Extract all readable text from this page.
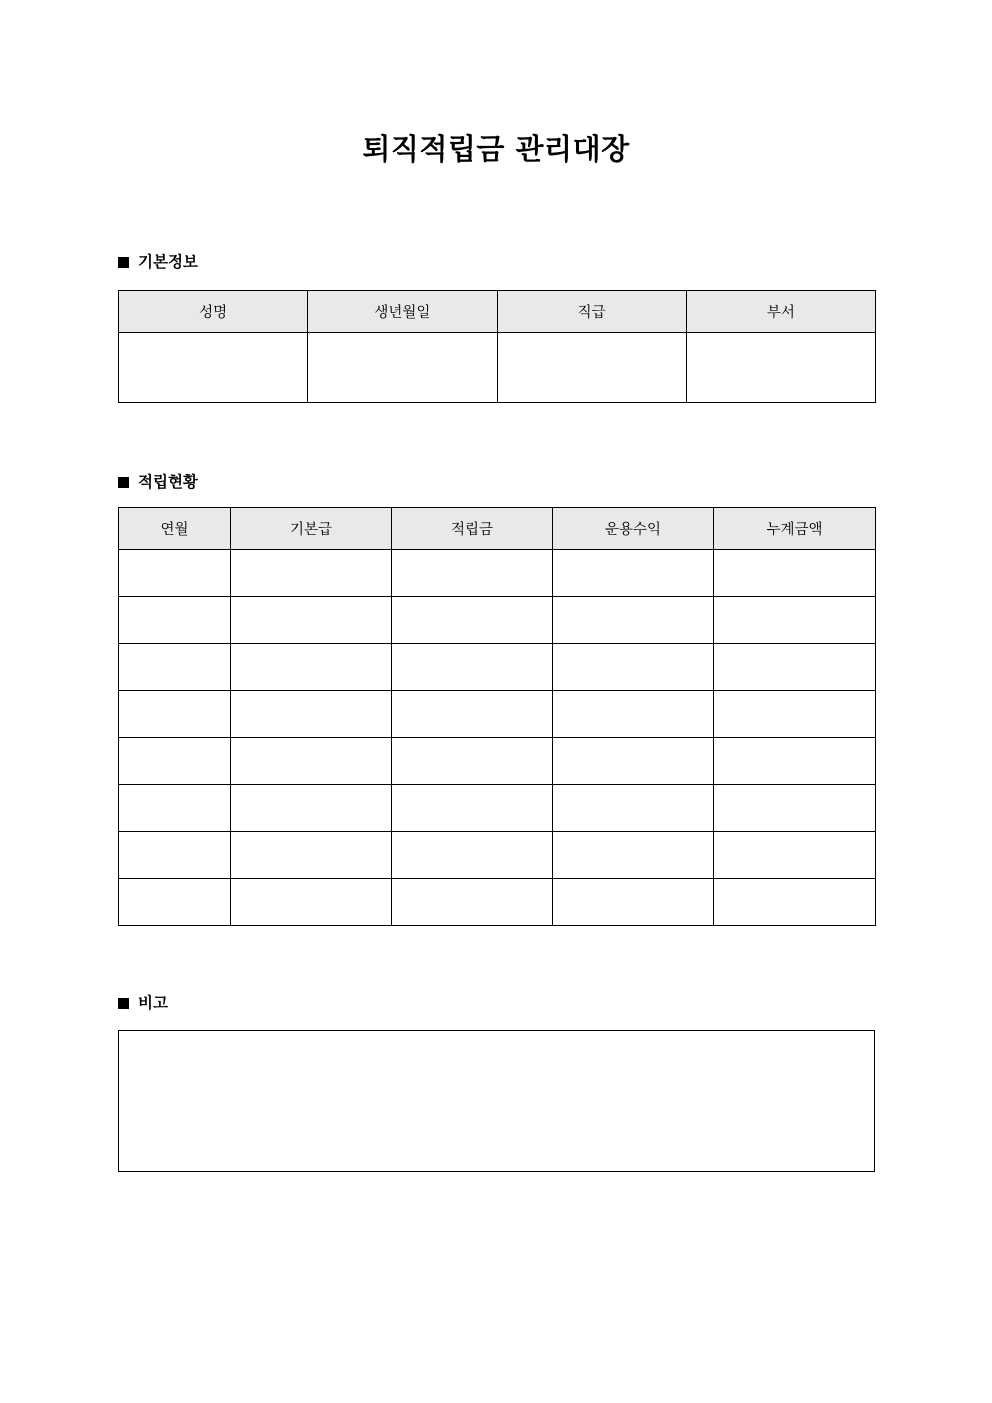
퇴직적립금 관리대장
기본정보
성명	생년월일	직급	부서

적립현황
연월	기본급	적립금	운용수익	누계금액

비고
